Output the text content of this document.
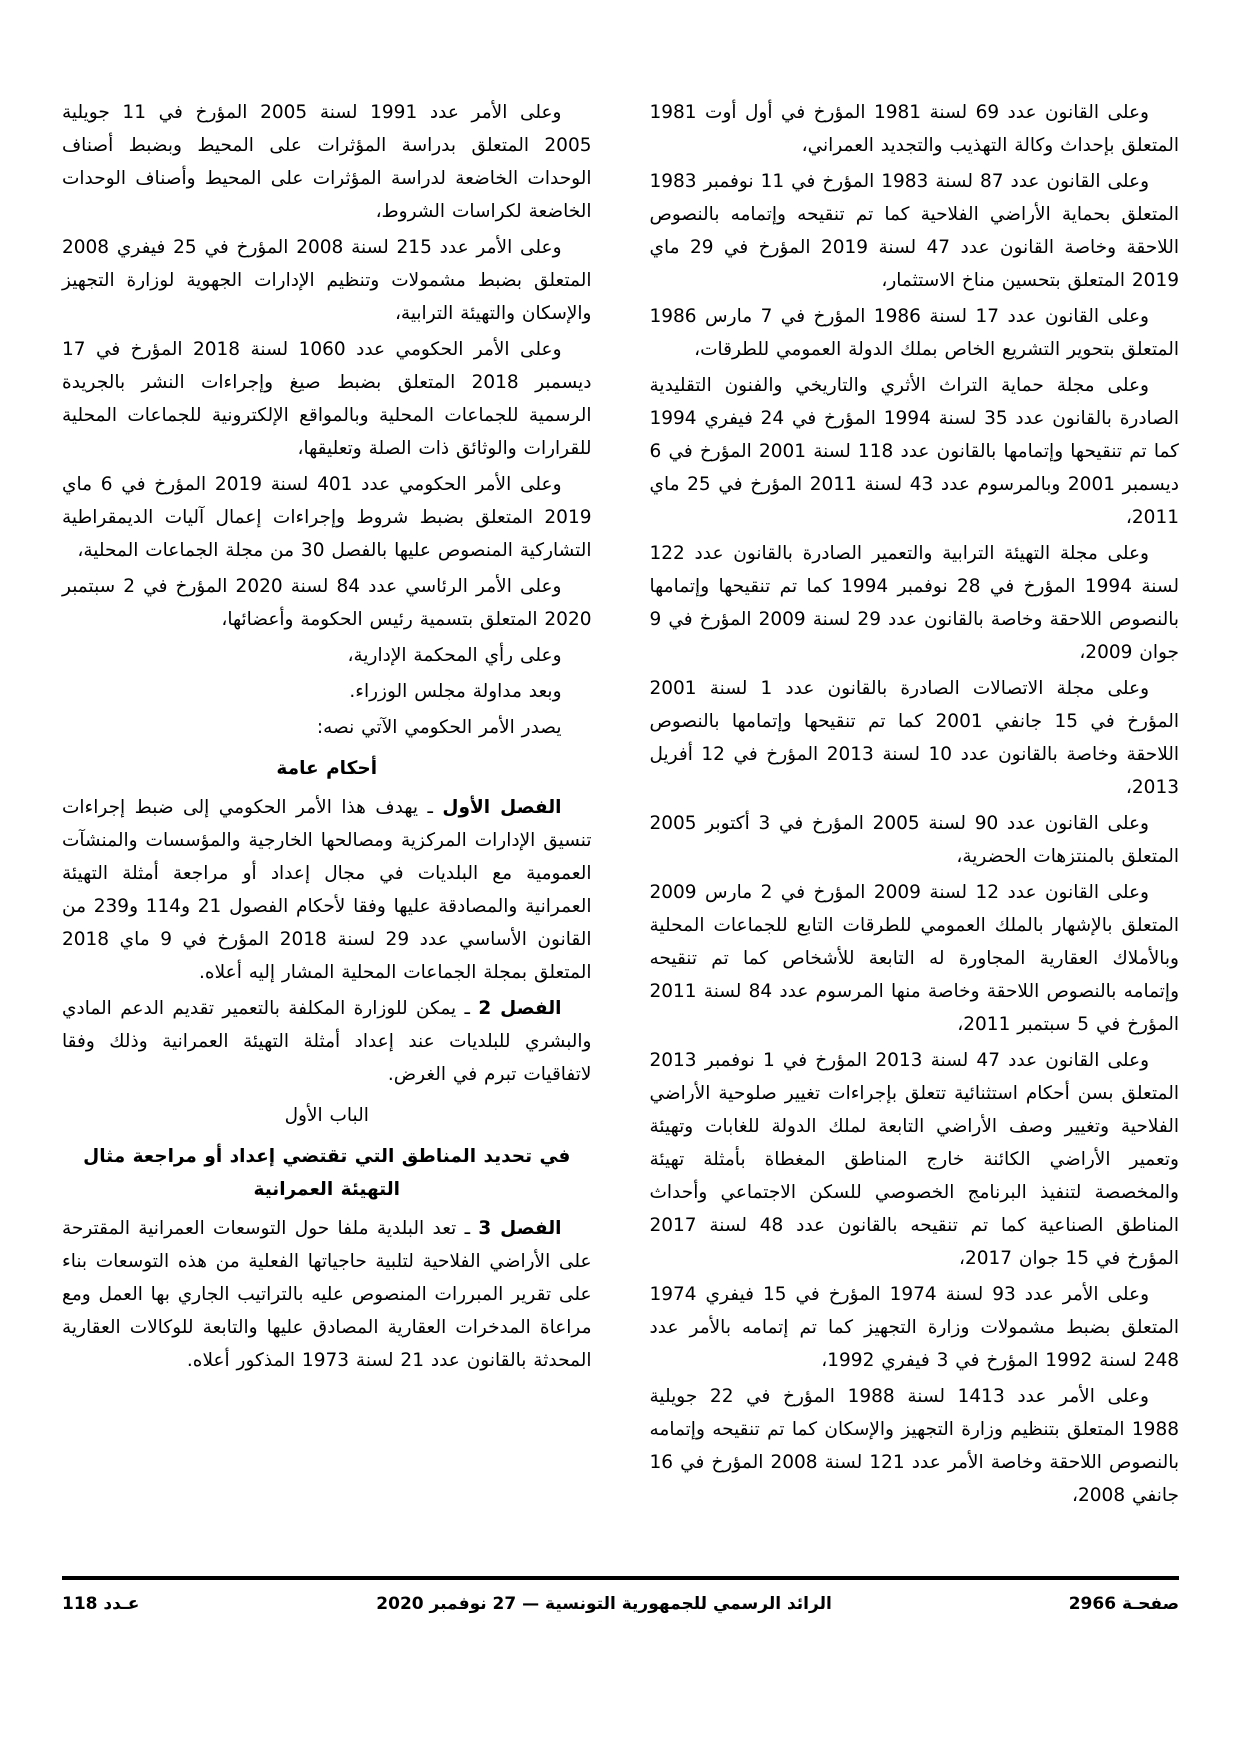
وعلى القانون عدد 69 لسنة 1981 المؤرخ في أول أوت 1981 المتعلق بإحداث وكالة التهذيب والتجديد العمراني،

وعلى القانون عدد 87 لسنة 1983 المؤرخ في 11 نوفمبر 1983 المتعلق بحماية الأراضي الفلاحية كما تم تنقيحه وإتمامه بالنصوص اللاحقة وخاصة القانون عدد 47 لسنة 2019 المؤرخ في 29 ماي 2019 المتعلق بتحسين مناخ الاستثمار،

وعلى القانون عدد 17 لسنة 1986 المؤرخ في 7 مارس 1986 المتعلق بتحوير التشريع الخاص بملك الدولة العمومي للطرقات،

وعلى مجلة حماية التراث الأثري والتاريخي والفنون التقليدية الصادرة بالقانون عدد 35 لسنة 1994 المؤرخ في 24 فيفري 1994 كما تم تنقيحها وإتمامها بالقانون عدد 118 لسنة 2001 المؤرخ في 6 ديسمبر 2001 وبالمرسوم عدد 43 لسنة 2011 المؤرخ في 25 ماي 2011،

وعلى مجلة التهيئة الترابية والتعمير الصادرة بالقانون عدد 122 لسنة 1994 المؤرخ في 28 نوفمبر 1994 كما تم تنقيحها وإتمامها بالنصوص اللاحقة وخاصة بالقانون عدد 29 لسنة 2009 المؤرخ في 9 جوان 2009،

وعلى مجلة الاتصالات الصادرة بالقانون عدد 1 لسنة 2001 المؤرخ في 15 جانفي 2001 كما تم تنقيحها وإتمامها بالنصوص اللاحقة وخاصة بالقانون عدد 10 لسنة 2013 المؤرخ في 12 أفريل 2013،

وعلى القانون عدد 90 لسنة 2005 المؤرخ في 3 أكتوبر 2005 المتعلق بالمنتزهات الحضرية،

وعلى القانون عدد 12 لسنة 2009 المؤرخ في 2 مارس 2009 المتعلق بالإشهار بالملك العمومي للطرقات التابع للجماعات المحلية وبالأملاك العقارية المجاورة له التابعة للأشخاص كما تم تنقيحه وإتمامه بالنصوص اللاحقة وخاصة منها المرسوم عدد 84 لسنة 2011 المؤرخ في 5 سبتمبر 2011،

وعلى القانون عدد 47 لسنة 2013 المؤرخ في 1 نوفمبر 2013 المتعلق بسن أحكام استثنائية تتعلق بإجراءات تغيير صلوحية الأراضي الفلاحية وتغيير وصف الأراضي التابعة لملك الدولة للغابات وتهيئة وتعمير الأراضي الكائنة خارج المناطق المغطاة بأمثلة تهيئة والمخصصة لتنفيذ البرنامج الخصوصي للسكن الاجتماعي وأحداث المناطق الصناعية كما تم تنقيحه بالقانون عدد 48 لسنة 2017 المؤرخ في 15 جوان 2017،

وعلى الأمر عدد 93 لسنة 1974 المؤرخ في 15 فيفري 1974 المتعلق بضبط مشمولات وزارة التجهيز كما تم إتمامه بالأمر عدد 248 لسنة 1992 المؤرخ في 3 فيفري 1992،

وعلى الأمر عدد 1413 لسنة 1988 المؤرخ في 22 جويلية 1988 المتعلق بتنظيم وزارة التجهيز والإسكان كما تم تنقيحه وإتمامه بالنصوص اللاحقة وخاصة الأمر عدد 121 لسنة 2008 المؤرخ في 16 جانفي 2008،

وعلى الأمر عدد 1991 لسنة 2005 المؤرخ في 11 جويلية 2005 المتعلق بدراسة المؤثرات على المحيط وبضبط أصناف الوحدات الخاضعة لدراسة المؤثرات على المحيط وأصناف الوحدات الخاضعة لكراسات الشروط،

وعلى الأمر عدد 215 لسنة 2008 المؤرخ في 25 فيفري 2008 المتعلق بضبط مشمولات وتنظيم الإدارات الجهوية لوزارة التجهيز والإسكان والتهيئة الترابية،

وعلى الأمر الحكومي عدد 1060 لسنة 2018 المؤرخ في 17 ديسمبر 2018 المتعلق بضبط صيغ وإجراءات النشر بالجريدة الرسمية للجماعات المحلية وبالمواقع الإلكترونية للجماعات المحلية للقرارات والوثائق ذات الصلة وتعليقها،

وعلى الأمر الحكومي عدد 401 لسنة 2019 المؤرخ في 6 ماي 2019 المتعلق بضبط شروط وإجراءات إعمال آليات الديمقراطية التشاركية المنصوص عليها بالفصل 30 من مجلة الجماعات المحلية،

وعلى الأمر الرئاسي عدد 84 لسنة 2020 المؤرخ في 2 سبتمبر 2020 المتعلق بتسمية رئيس الحكومة وأعضائها،

وعلى رأي المحكمة الإدارية،

وبعد مداولة مجلس الوزراء.

يصدر الأمر الحكومي الآتي نصه:

أحكام عامة

الفصل الأول ـ يهدف هذا الأمر الحكومي إلى ضبط إجراءات تنسيق الإدارات المركزية ومصالحها الخارجية والمؤسسات والمنشآت العمومية مع البلديات في مجال إعداد أو مراجعة أمثلة التهيئة العمرانية والمصادقة عليها وفقا لأحكام الفصول 21 و114 و239 من القانون الأساسي عدد 29 لسنة 2018 المؤرخ في 9 ماي 2018 المتعلق بمجلة الجماعات المحلية المشار إليه أعلاه.

الفصل 2 ـ يمكن للوزارة المكلفة بالتعمير تقديم الدعم المادي والبشري للبلديات عند إعداد أمثلة التهيئة العمرانية وذلك وفقا لاتفاقيات تبرم في الغرض.

الباب الأول

في تحديد المناطق التي تقتضي إعداد أو مراجعة مثال التهيئة العمرانية

الفصل 3 ـ تعد البلدية ملفا حول التوسعات العمرانية المقترحة على الأراضي الفلاحية لتلبية حاجياتها الفعلية من هذه التوسعات بناء على تقرير المبررات المنصوص عليه بالتراتيب الجاري بها العمل ومع مراعاة المدخرات العقارية المصادق عليها والتابعة للوكالات العقارية المحدثة بالقانون عدد 21 لسنة 1973 المذكور أعلاه.

صفحـة 2966
الرائد الرسمي للجمهورية التونسية — 27 نوفمبر 2020
عـدد 118
